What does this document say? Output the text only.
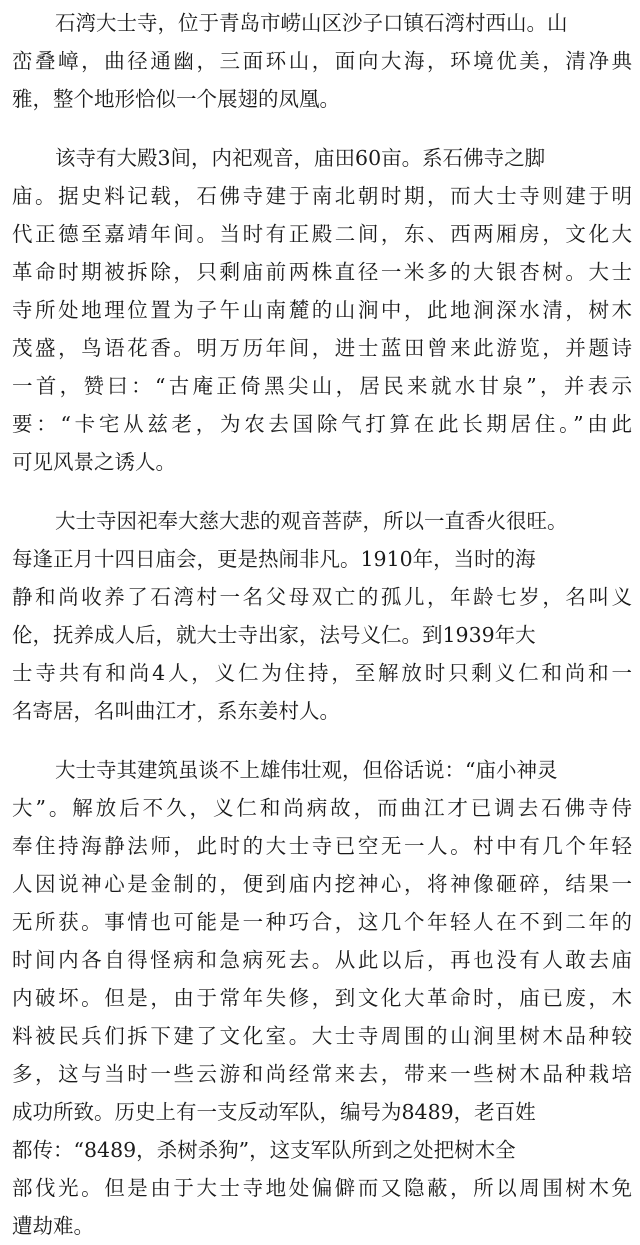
石湾大士寺，位于青岛市崂山区沙子口镇石湾村西山。山
峦叠嶂，曲径通幽，三面环山，面向大海，环境优美，清净典
雅，整个地形恰似一个展翅的凤凰。
该寺有大殿3间，内祀观音，庙田60亩。系石佛寺之脚
庙。据史料记载，石佛寺建于南北朝时期，而大士寺则建于明
代正德至嘉靖年间。当时有正殿二间，东、西两厢房，文化大
革命时期被拆除，只剩庙前两株直径一米多的大银杏树。大士
寺所处地理位置为子午山南麓的山涧中，此地涧深水清，树木
茂盛，鸟语花香。明万历年间，进士蓝田曾来此游览，并题诗
一首，赞曰：“古庵正倚黑尖山，居民来就水甘泉”，并表示
要：“卡宅从兹老，为农去国除气打算在此长期居住。”由此
可见风景之诱人。
大士寺因祀奉大慈大悲的观音菩萨，所以一直香火很旺。
每逢正月十四日庙会，更是热闹非凡。1910年，当时的海
静和尚收养了石湾村一名父母双亡的孤儿，年龄七岁，名叫义
伦，抚养成人后，就大士寺出家，法号义仁。到1939年大
士寺共有和尚4人，义仁为住持，至解放时只剩义仁和尚和一
名寄居，名叫曲江才，系东姜村人。
大士寺其建筑虽谈不上雄伟壮观，但俗话说：“庙小神灵
大”。解放后不久，义仁和尚病故，而曲江才已调去石佛寺侍
奉住持海静法师，此时的大士寺已空无一人。村中有几个年轻
人因说神心是金制的，便到庙内挖神心，将神像砸碎，结果一
无所获。事情也可能是一种巧合，这几个年轻人在不到二年的
时间内各自得怪病和急病死去。从此以后，再也没有人敢去庙
内破坏。但是，由于常年失修，到文化大革命时，庙已废，木
料被民兵们拆下建了文化室。大士寺周围的山涧里树木品种较
多，这与当时一些云游和尚经常来去，带来一些树木品种栽培
成功所致。历史上有一支反动军队，编号为8489，老百姓
都传：“8489，杀树杀狗”，这支军队所到之处把树木全
部伐光。但是由于大士寺地处偏僻而又隐蔽，所以周围树木免
遭劫难。
